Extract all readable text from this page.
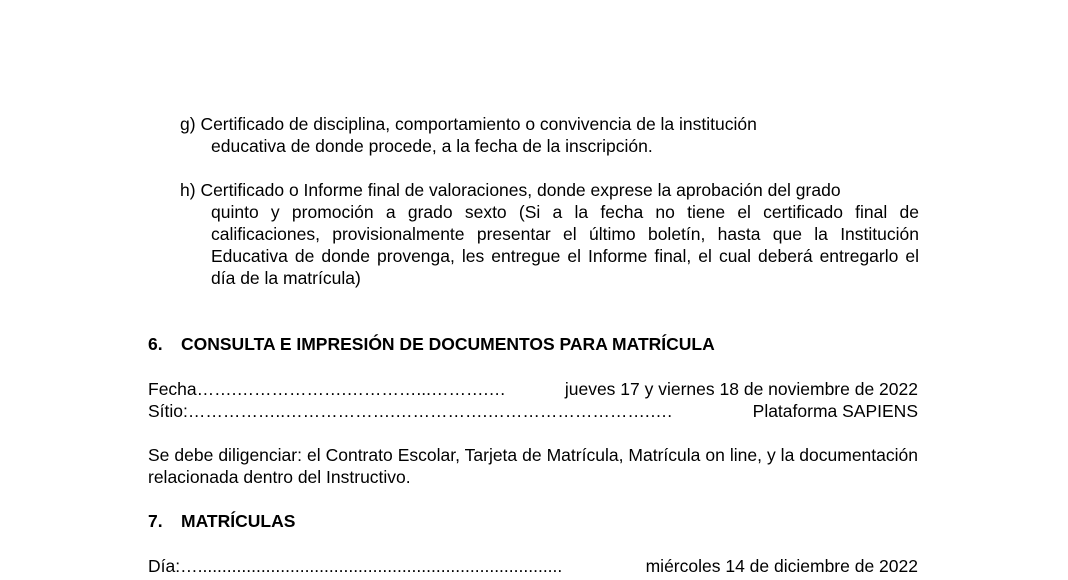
g) Certificado de disciplina, comportamiento o convivencia de la institución
educativa de donde procede, a la fecha de la inscripción.
h) Certificado o Informe final de valoraciones, donde exprese la aprobación del grado
quinto y promoción a grado sexto (Si a la fecha no tiene el certificado final de calificaciones, provisionalmente presentar el último boletín, hasta que la Institución Educativa de donde provenga, les entregue el Informe final, el cual deberá entregarlo el día de la matrícula)
6. CONSULTA E IMPRESIÓN DE DOCUMENTOS PARA MATRÍCULA
Fecha …….……………….…………...……….…	jueves 17 y viernes 18 de noviembre de 2022
Sítio: ……………..……………….…………….……………………….….	Plataforma SAPIENS
Se debe diligenciar: el Contrato Escolar, Tarjeta de Matrícula, Matrícula on line, y la documentación relacionada dentro del Instructivo.
7. MATRÍCULAS
Día: …...........................................................................	miércoles 14 de diciembre de 2022
